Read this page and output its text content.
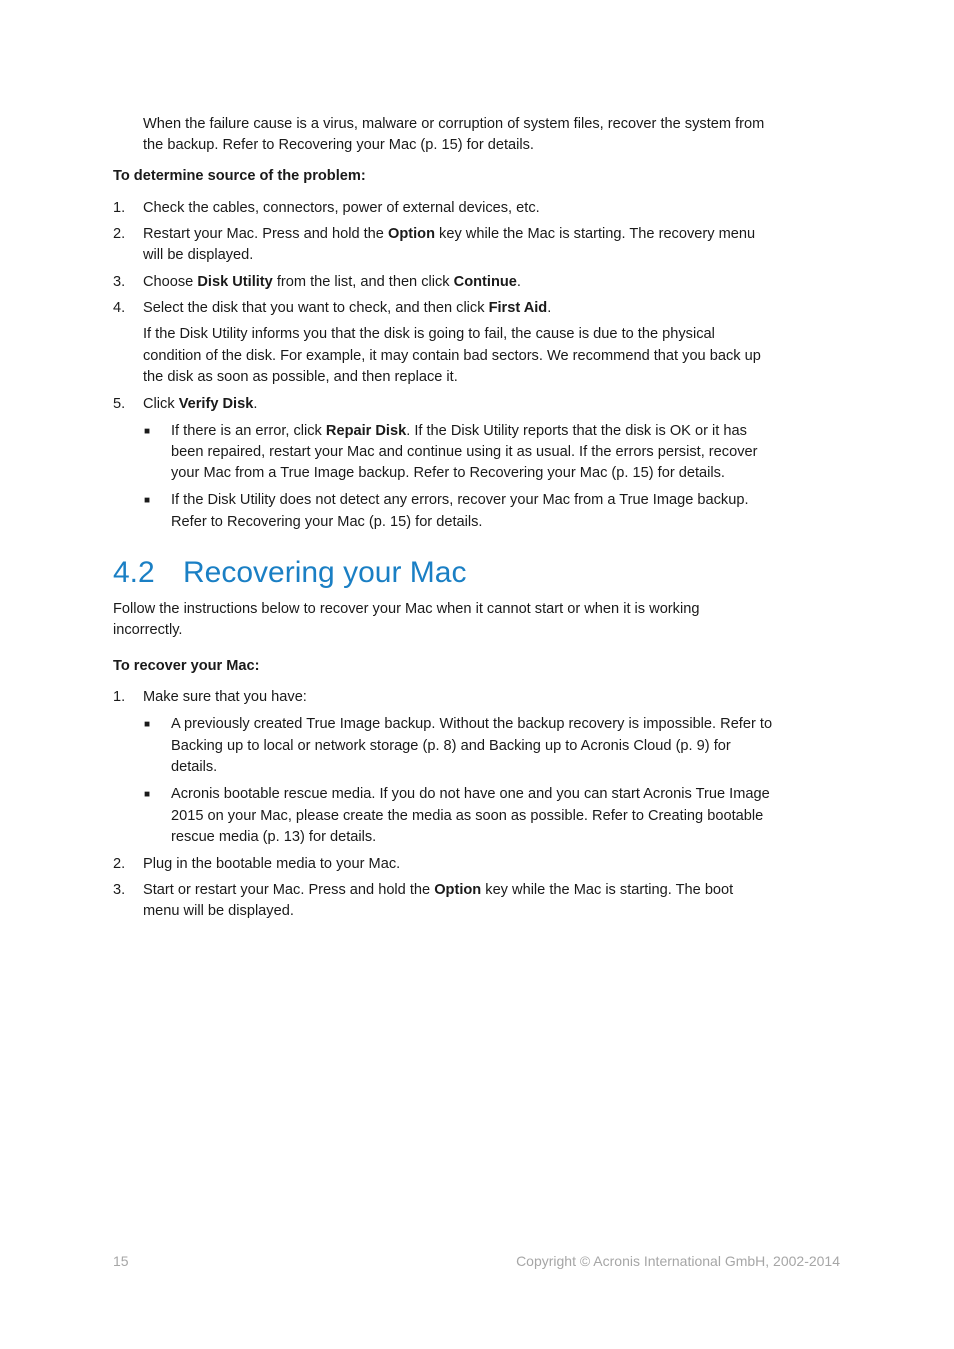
When the failure cause is a virus, malware or corruption of system files, recover the system from

the backup. Refer to Recovering your Mac (p. 15) for details.

To determine source of the problem:

1. Check the cables, connectors, power of external devices, etc.

2. Restart your Mac. Press and hold the Option key while the Mac is starting. The recovery menu

will be displayed.

3. Choose Disk Utility from the list, and then click Continue.

4. Select the disk that you want to check, and then click First Aid.

If the Disk Utility informs you that the disk is going to fail, the cause is due to the physical

condition of the disk. For example, it may contain bad sectors. We recommend that you back up

the disk as soon as possible, and then replace it.

5. Click Verify Disk.

■ If there is an error, click Repair Disk. If the Disk Utility reports that the disk is OK or it has

been repaired, restart your Mac and continue using it as usual. If the errors persist, recover

your Mac from a True Image backup. Refer to Recovering your Mac (p. 15) for details.

■ If the Disk Utility does not detect any errors, recover your Mac from a True Image backup.

Refer to Recovering your Mac (p. 15) for details.

4.2 Recovering your Mac

Follow the instructions below to recover your Mac when it cannot start or when it is working

incorrectly.

To recover your Mac:

1. Make sure that you have:

■ A previously created True Image backup. Without the backup recovery is impossible. Refer to

Backing up to local or network storage (p. 8) and Backing up to Acronis Cloud (p. 9) for

details.

■ Acronis bootable rescue media. If you do not have one and you can start Acronis True Image

2015 on your Mac, please create the media as soon as possible. Refer to Creating bootable

rescue media (p. 13) for details.

2. Plug in the bootable media to your Mac.

3. Start or restart your Mac. Press and hold the Option key while the Mac is starting. The boot

menu will be displayed.

15	Copyright © Acronis International GmbH, 2002-2014
